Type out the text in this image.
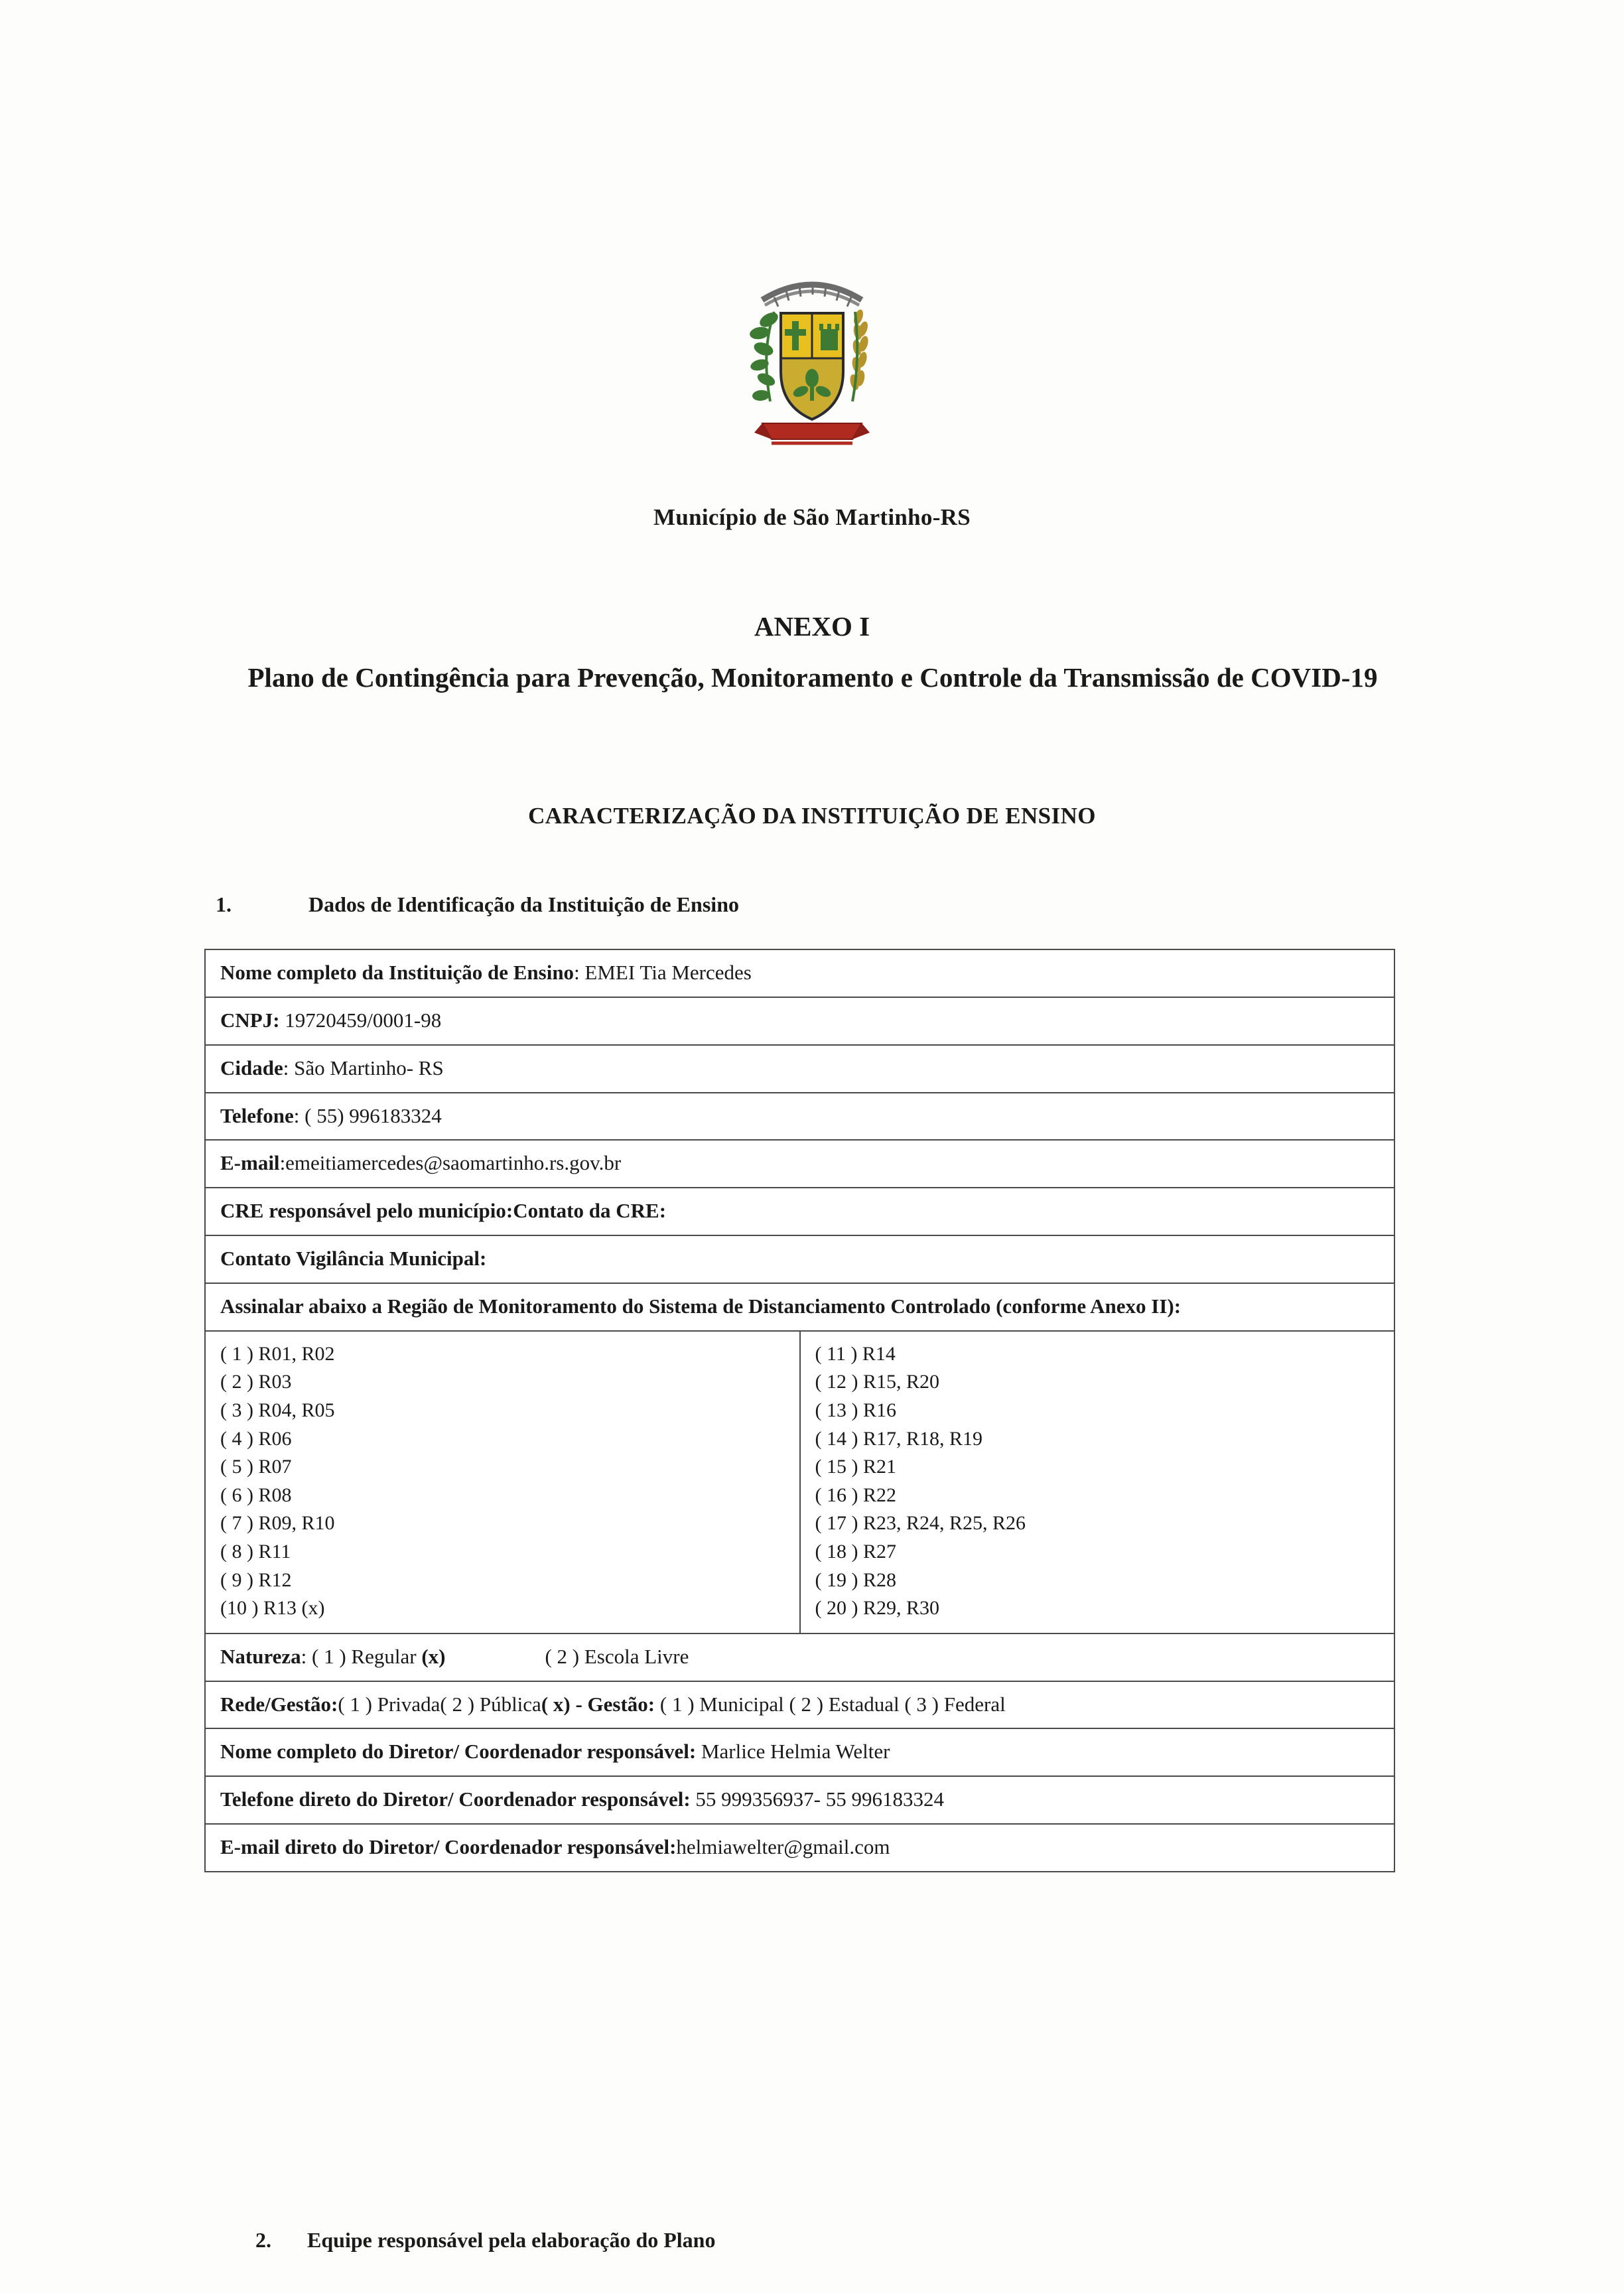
Município de São Martinho-RS
ANEXO I
Plano de Contingência para Prevenção, Monitoramento e Controle da Transmissão de COVID-19
CARACTERIZAÇÃO DA INSTITUIÇÃO DE ENSINO
1.	Dados de Identificação da Instituição de Ensino
Nome completo da Instituição de Ensino: EMEI Tia Mercedes
CNPJ: 19720459/0001-98
Cidade: São Martinho- RS
Telefone: ( 55) 996183324
E-mail:emeitiamercedes@saomartinho.rs.gov.br
CRE responsável pelo município:Contato da CRE:
Contato Vigilância Municipal:
Assinalar abaixo a Região de Monitoramento do Sistema de Distanciamento Controlado (conforme Anexo II):

( 1 ) R01, R02
( 2 ) R03
( 3 ) R04, R05
( 4 ) R06
( 5 ) R07
( 6 ) R08
( 7 ) R09, R10
( 8 ) R11
( 9 ) R12
(10 ) R13 (x)

( 11 ) R14
( 12 ) R15, R20
( 13 ) R16
( 14 ) R17, R18, R19
( 15 ) R21
( 16 ) R22
( 17 ) R23, R24, R25, R26
( 18 ) R27
( 19 ) R28
( 20 ) R29, R30

Natureza: ( 1 ) Regular (x)	( 2 ) Escola Livre
Rede/Gestão:( 1 ) Privada( 2 ) Pública( x) - Gestão: ( 1 ) Municipal ( 2 ) Estadual ( 3 ) Federal
Nome completo do Diretor/ Coordenador responsável: Marlice Helmia Welter
Telefone direto do Diretor/ Coordenador responsável: 55 999356937- 55 996183324
E-mail direto do Diretor/ Coordenador responsável:helmiawelter@gmail.com
2. Equipe responsável pela elaboração do Plano
